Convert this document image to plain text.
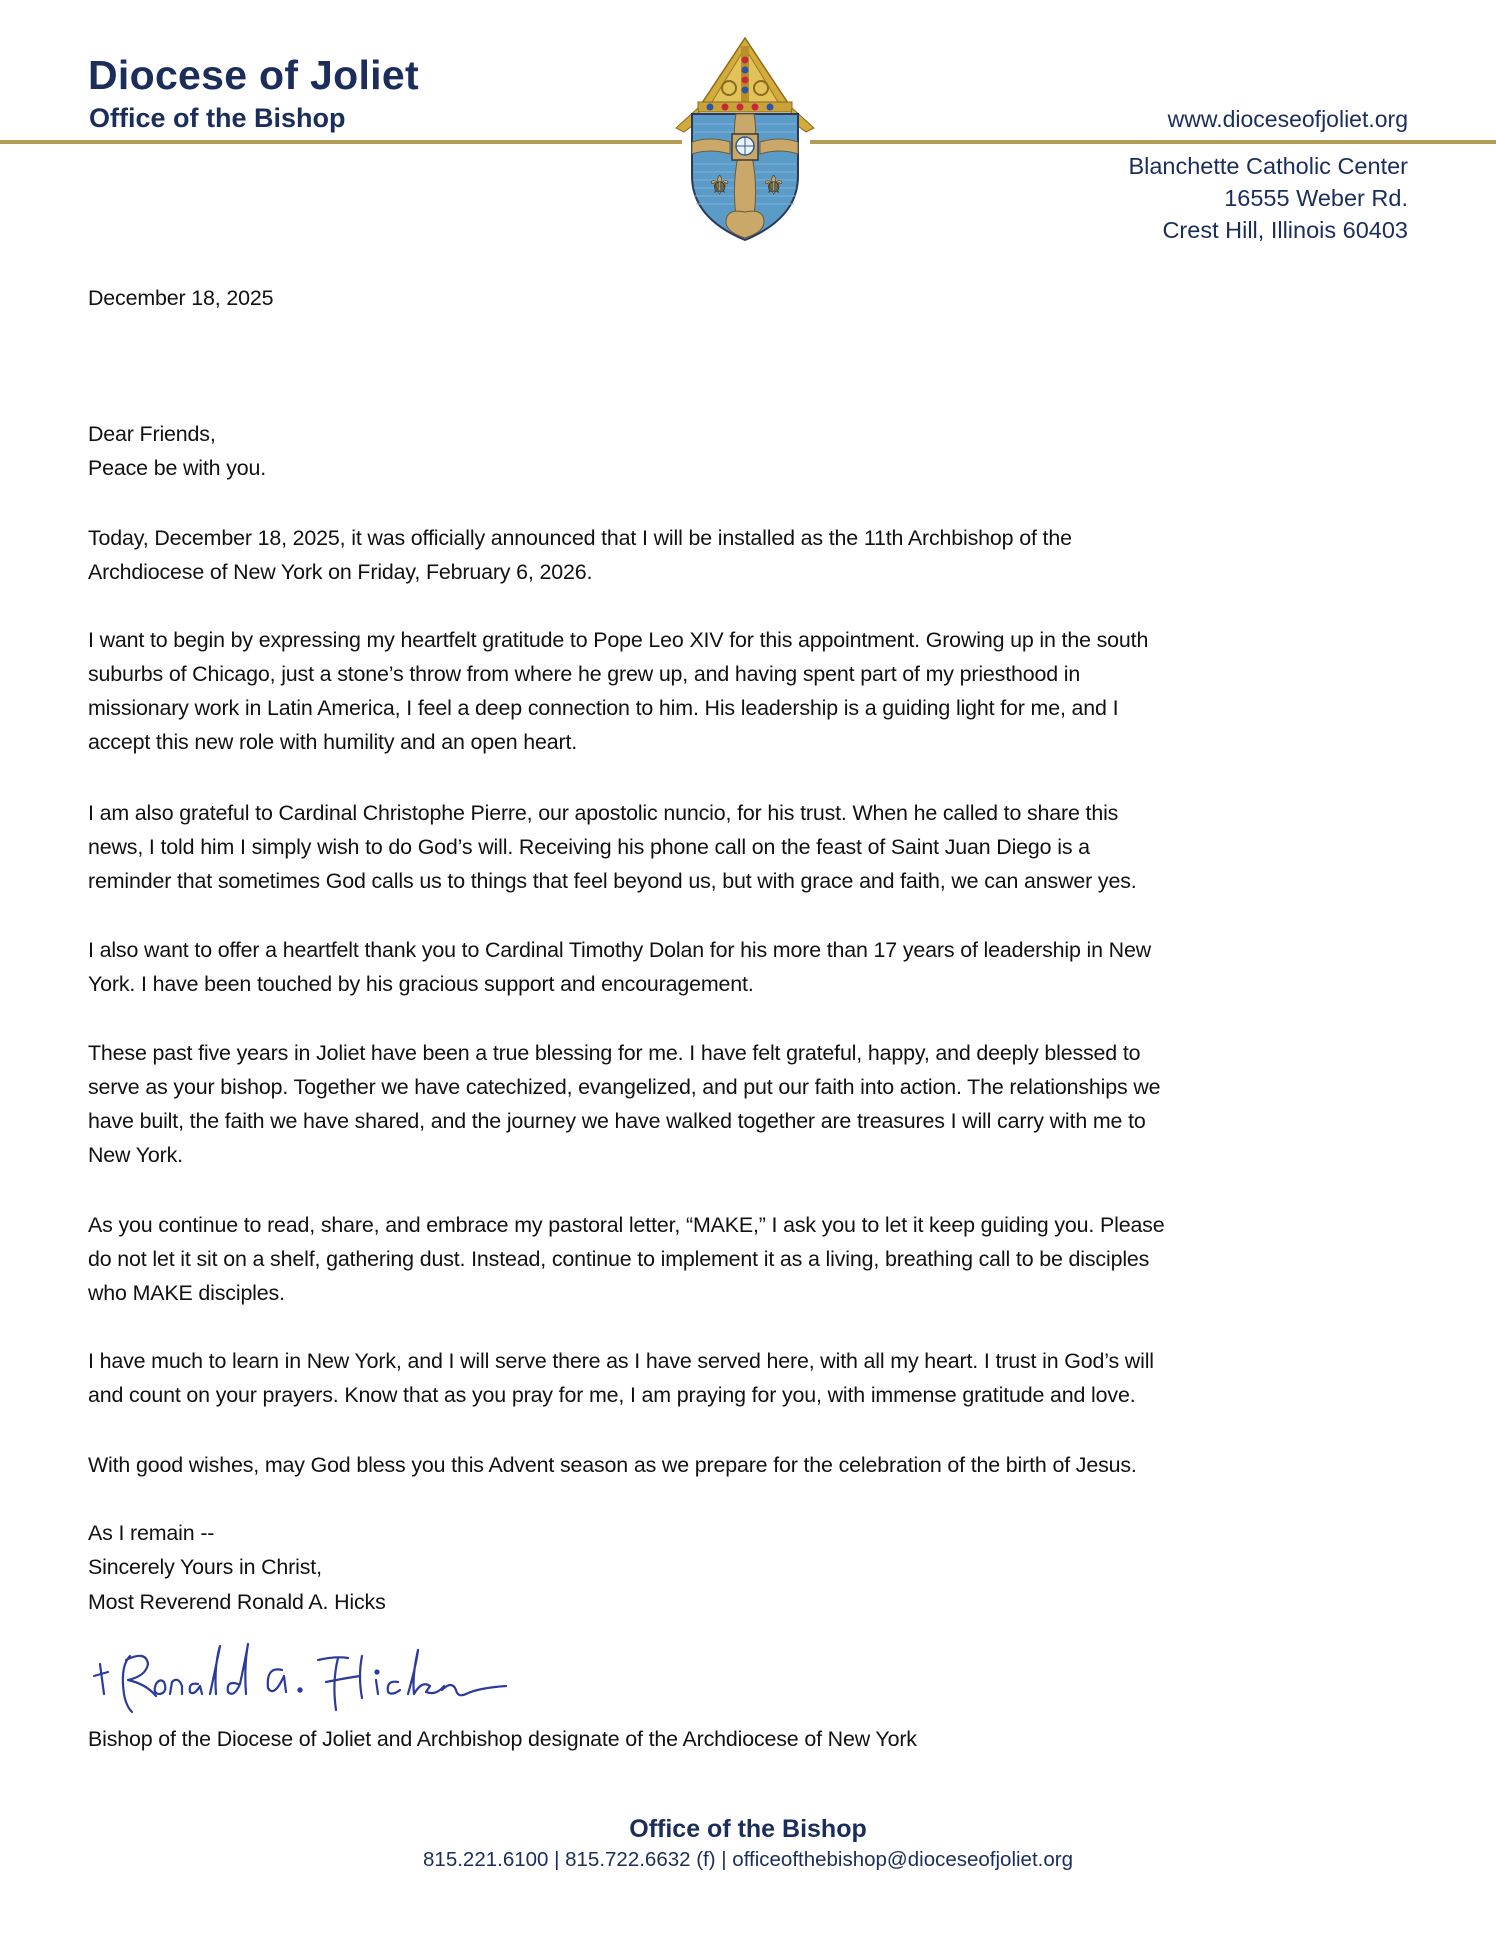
Diocese of Joliet
Office of the Bishop	www.dioceseofjoliet.org
Blanchette Catholic Center
16555 Weber Rd.
Crest Hill, Illinois 60403
⚜ ⚜
December 18, 2025
Dear Friends,
Peace be with you.
Today, December 18, 2025, it was officially announced that I will be installed as the 11th Archbishop of the
Archdiocese of New York on Friday, February 6, 2026.
I want to begin by expressing my heartfelt gratitude to Pope Leo XIV for this appointment. Growing up in the south
suburbs of Chicago, just a stone’s throw from where he grew up, and having spent part of my priesthood in
missionary work in Latin America, I feel a deep connection to him. His leadership is a guiding light for me, and I
accept this new role with humility and an open heart.
I am also grateful to Cardinal Christophe Pierre, our apostolic nuncio, for his trust. When he called to share this
news, I told him I simply wish to do God’s will. Receiving his phone call on the feast of Saint Juan Diego is a
reminder that sometimes God calls us to things that feel beyond us, but with grace and faith, we can answer yes.
I also want to offer a heartfelt thank you to Cardinal Timothy Dolan for his more than 17 years of leadership in New
York. I have been touched by his gracious support and encouragement.
These past five years in Joliet have been a true blessing for me. I have felt grateful, happy, and deeply blessed to
serve as your bishop. Together we have catechized, evangelized, and put our faith into action. The relationships we
have built, the faith we have shared, and the journey we have walked together are treasures I will carry with me to
New York.
As you continue to read, share, and embrace my pastoral letter, “MAKE,” I ask you to let it keep guiding you. Please
do not let it sit on a shelf, gathering dust. Instead, continue to implement it as a living, breathing call to be disciples
who MAKE disciples.
I have much to learn in New York, and I will serve there as I have served here, with all my heart. I trust in God’s will
and count on your prayers. Know that as you pray for me, I am praying for you, with immense gratitude and love.
With good wishes, may God bless you this Advent season as we prepare for the celebration of the birth of Jesus.
As I remain --
Sincerely Yours in Christ,
Most Reverend Ronald A. Hicks
Bishop of the Diocese of Joliet and Archbishop designate of the Archdiocese of New York
Office of the Bishop
815.221.6100 | 815.722.6632 (f) | officeofthebishop@dioceseofjoliet.org
